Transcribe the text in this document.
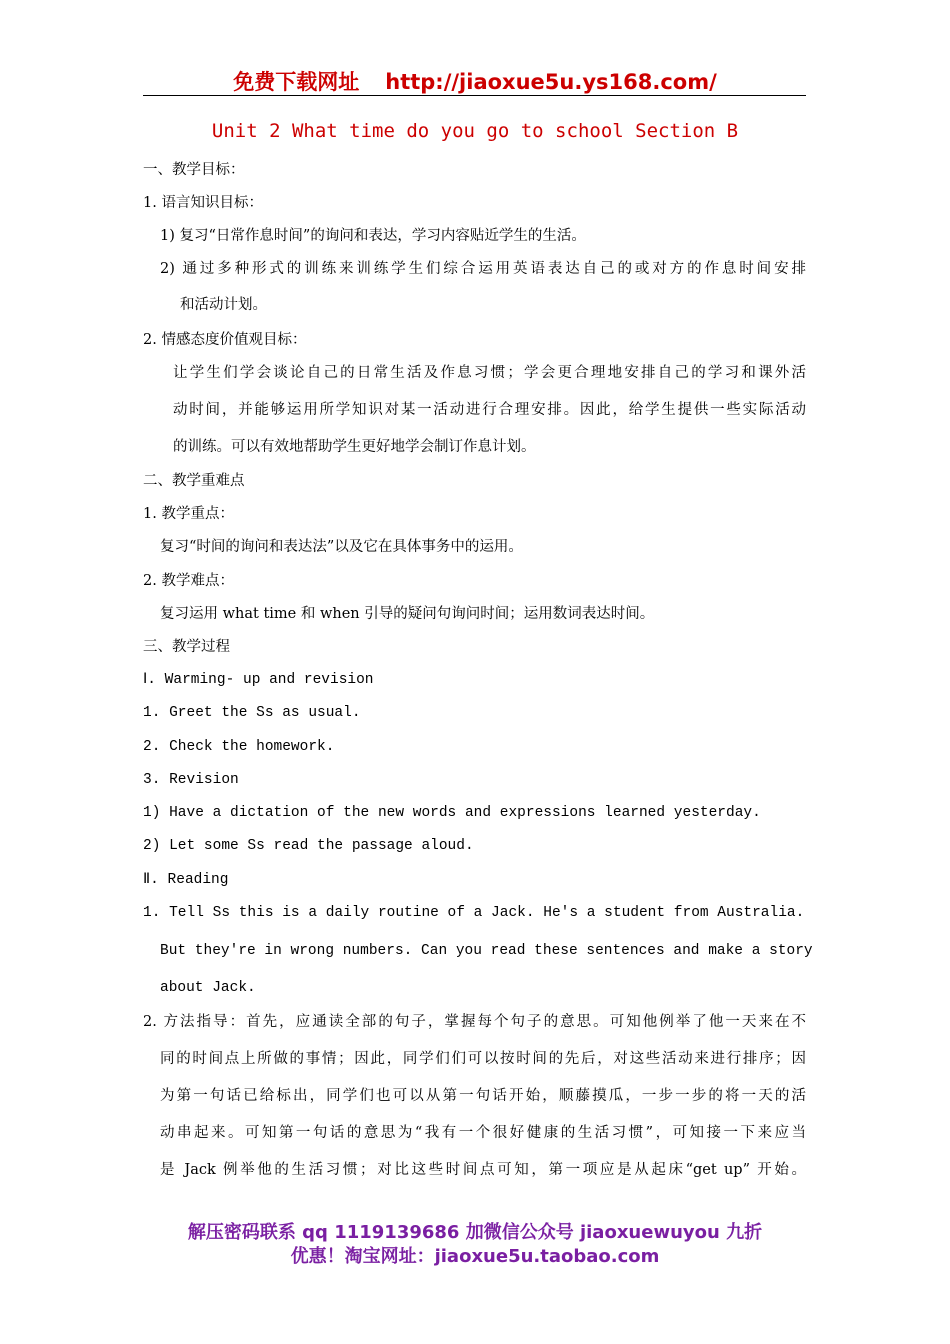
免费下载网址 http://jiaoxue5u.ys168.com/
Unit 2 What time do you go to school Section B
一、教学目标：
1. 语言知识目标：
1) 复习“日常作息时间”的询问和表达，学习内容贴近学生的生活。
2) 通过多种形式的训练来训练学生们综合运用英语表达自己的或对方的作息时间安排
和活动计划。
2. 情感态度价值观目标：
让学生们学会谈论自己的日常生活及作息习惯；学会更合理地安排自己的学习和课外活
动时间，并能够运用所学知识对某一活动进行合理安排。因此，给学生提供一些实际活动
的训练。可以有效地帮助学生更好地学会制订作息计划。
二、教学重难点
1. 教学重点：
复习“时间的询问和表达法”以及它在具体事务中的运用。
2. 教学难点：
复习运用 what time 和 when 引导的疑问句询问时间；运用数词表达时间。
三、教学过程
Ⅰ. Warming- up and revision
1. Greet the Ss as usual.
2. Check the homework.
3. Revision
1) Have a dictation of the new words and expressions learned yesterday.
2) Let some Ss read the passage aloud.
Ⅱ. Reading
1. Tell Ss this is a daily routine of a Jack. He's a student from Australia.
But they're in wrong numbers. Can you read these sentences and make a story
about Jack.
2. 方法指导：首先，应通读全部的句子，掌握每个句子的意思。可知他例举了他一天来在不
同的时间点上所做的事情；因此，同学们们可以按时间的先后，对这些活动来进行排序；因
为第一句话已给标出，同学们也可以从第一句话开始，顺藤摸瓜，一步一步的将一天的活
动串起来。可知第一句话的意思为“我有一个很好健康的生活习惯”，可知接一下来应当
是 Jack 例举他的生活习惯；对比这些时间点可知，第一项应是从起床“get up” 开始。
解压密码联系 qq 1119139686 加微信公众号 jiaoxuewuyou 九折
优惠！淘宝网址：jiaoxue5u.taobao.com
